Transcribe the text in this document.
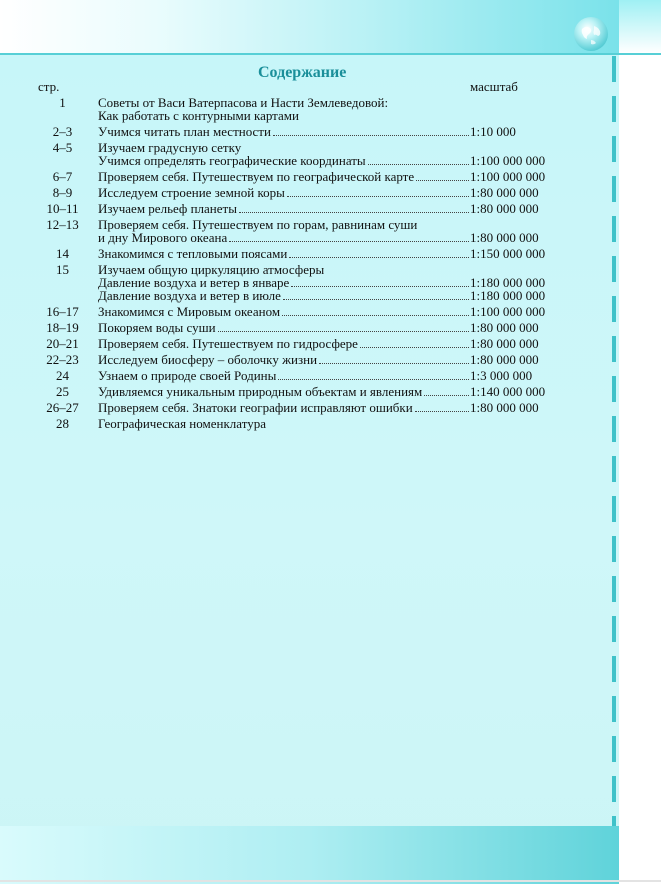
Содержание
стр.	масштаб
1	Советы от Васи Ватерпасова и Насти Землеведовой:
Как работать с контурными картами
2–3	Учимся читать план местности	1:10 000
4–5	Изучаем градусную сетку
Учимся определять географические координаты	1:100 000 000
6–7	Проверяем себя. Путешествуем по географической карте	1:100 000 000
8–9	Исследуем строение земной коры	1:80 000 000
10–11	Изучаем рельеф планеты	1:80 000 000
12–13	Проверяем себя. Путешествуем по горам, равнинам суши
и дну Мирового океана	1:80 000 000
14	Знакомимся с тепловыми поясами	1:150 000 000
15	Изучаем общую циркуляцию атмосферы
Давление воздуха и ветер в январе	1:180 000 000
Давление воздуха и ветер в июле	1:180 000 000
16–17	Знакомимся с Мировым океаном	1:100 000 000
18–19	Покоряем воды суши	1:80 000 000
20–21	Проверяем себя. Путешествуем по гидросфере	1:80 000 000
22–23	Исследуем биосферу – оболочку жизни	1:80 000 000
24	Узнаем о природе своей Родины	1:3 000 000
25	Удивляемся уникальным природным объектам и явлениям	1:140 000 000
26–27	Проверяем себя. Знатоки географии исправляют ошибки	1:80 000 000
28	Географическая номенклатура
